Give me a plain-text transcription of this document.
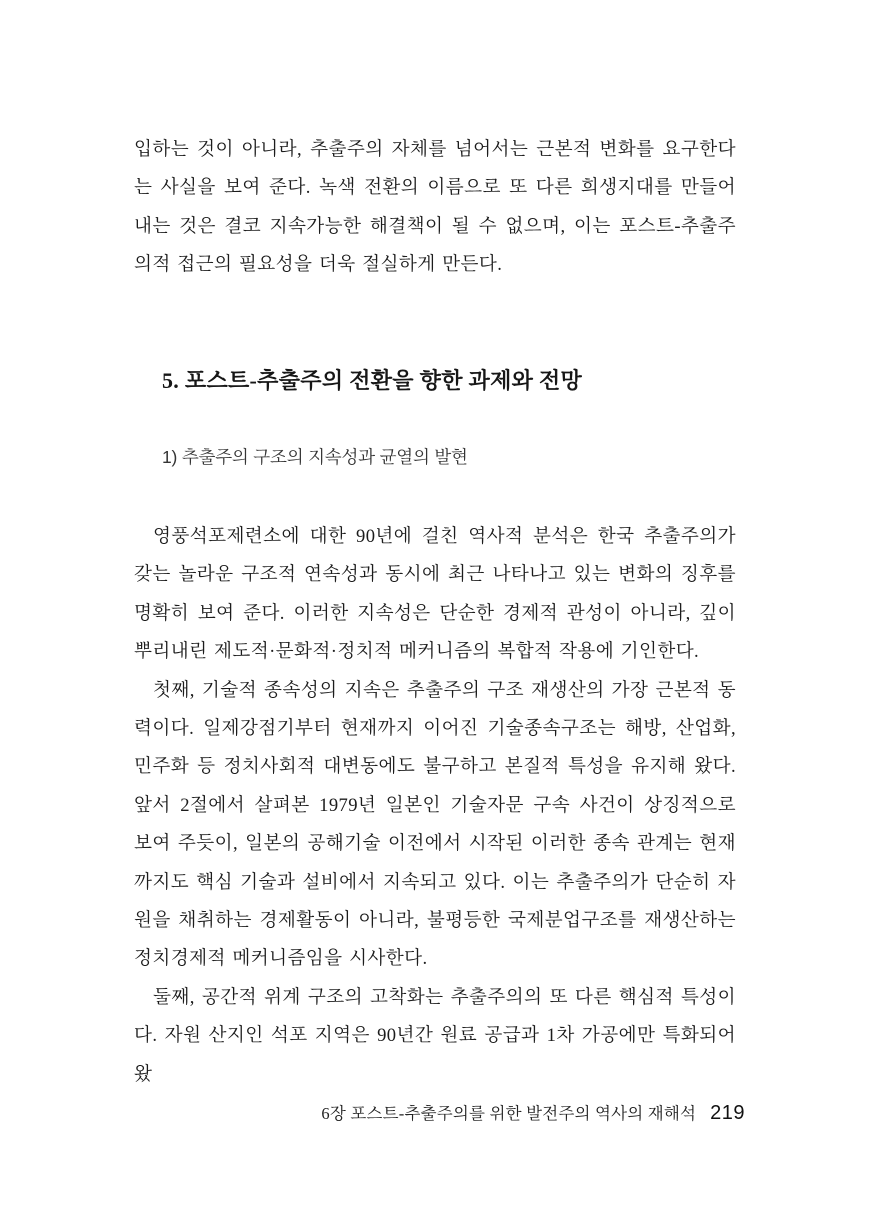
입하는 것이 아니라, 추출주의 자체를 넘어서는 근본적 변화를 요구한다는 사실을 보여 준다. 녹색 전환의 이름으로 또 다른 희생지대를 만들어 내는 것은 결코 지속가능한 해결책이 될 수 없으며, 이는 포스트-추출주의적 접근의 필요성을 더욱 절실하게 만든다.

5. 포스트-추출주의 전환을 향한 과제와 전망
1) 추출주의 구조의 지속성과 균열의 발현

영풍석포제련소에 대한 90년에 걸친 역사적 분석은 한국 추출주의가 갖는 놀라운 구조적 연속성과 동시에 최근 나타나고 있는 변화의 징후를 명확히 보여 준다. 이러한 지속성은 단순한 경제적 관성이 아니라, 깊이 뿌리내린 제도적·문화적·정치적 메커니즘의 복합적 작용에 기인한다.

첫째, 기술적 종속성의 지속은 추출주의 구조 재생산의 가장 근본적 동력이다. 일제강점기부터 현재까지 이어진 기술종속구조는 해방, 산업화, 민주화 등 정치사회적 대변동에도 불구하고 본질적 특성을 유지해 왔다. 앞서 2절에서 살펴본 1979년 일본인 기술자문 구속 사건이 상징적으로 보여 주듯이, 일본의 공해기술 이전에서 시작된 이러한 종속 관계는 현재까지도 핵심 기술과 설비에서 지속되고 있다. 이는 추출주의가 단순히 자원을 채취하는 경제활동이 아니라, 불평등한 국제분업구조를 재생산하는 정치경제적 메커니즘임을 시사한다.

둘째, 공간적 위계 구조의 고착화는 추출주의의 또 다른 핵심적 특성이다. 자원 산지인 석포 지역은 90년간 원료 공급과 1차 가공에만 특화되어 왔

6장 포스트-추출주의를 위한 발전주의 역사의 재해석 219
